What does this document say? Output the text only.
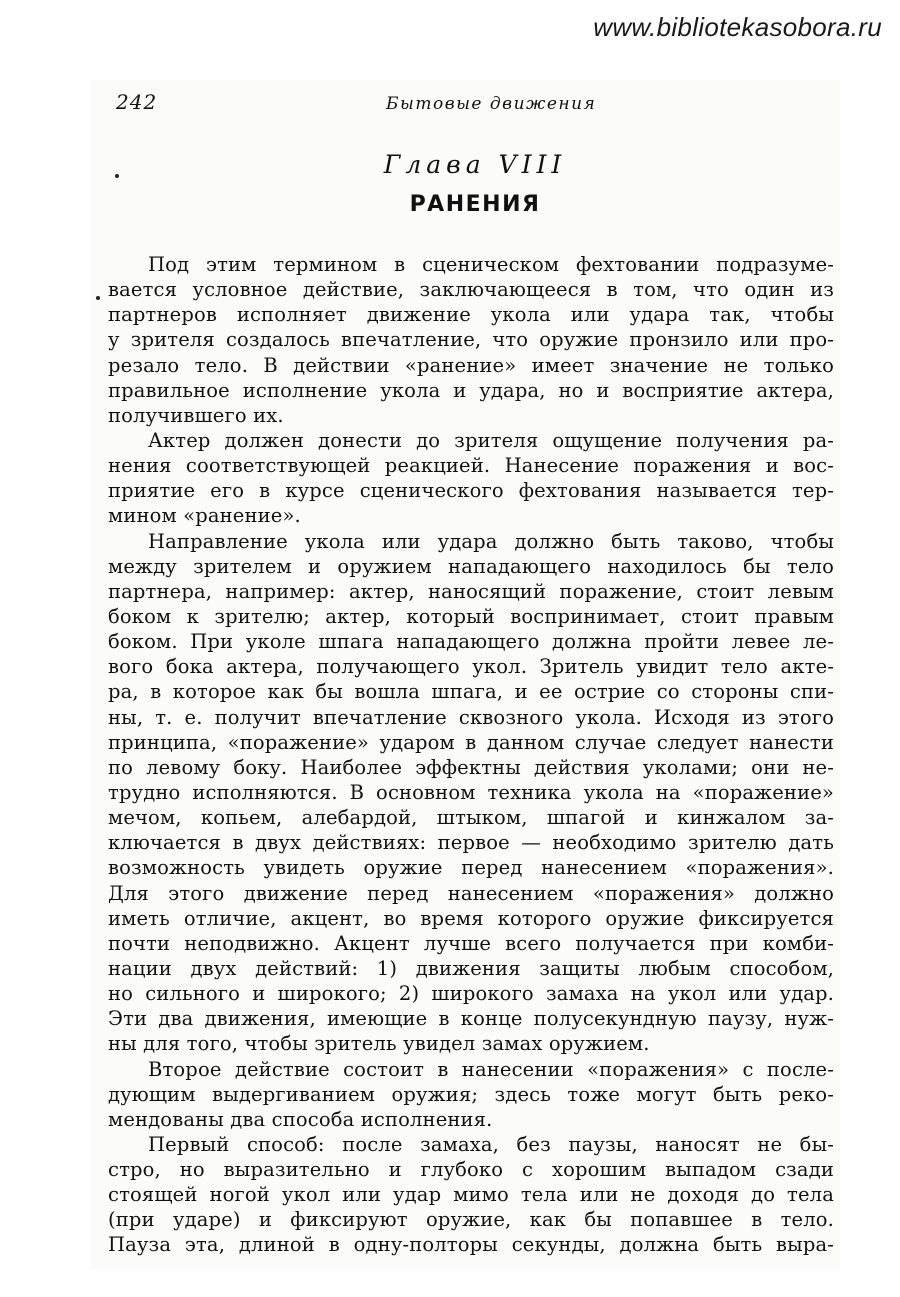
www.bibliotekasobora.ru
242	Бытовые движения
Глава VIII
РАНЕНИЯ
Под этим термином в сценическом фехтовании подразуме-
вается условное действие, заключающееся в том, что один из
партнеров исполняет движение укола или удара так, чтобы
у зрителя создалось впечатление, что оружие пронзило или про-
резало тело. В действии «ранение» имеет значение не только
правильное исполнение укола и удара, но и восприятие актера,
получившего их.
Актер должен донести до зрителя ощущение получения ра-
нения соответствующей реакцией. Нанесение поражения и вос-
приятие его в курсе сценического фехтования называется тер-
мином «ранение».
Направление укола или удара должно быть таково, чтобы
между зрителем и оружием нападающего находилось бы тело
партнера, например: актер, наносящий поражение, стоит левым
боком к зрителю; актер, который воспринимает, стоит правым
боком. При уколе шпага нападающего должна пройти левее ле-
вого бока актера, получающего укол. Зритель увидит тело акте-
ра, в которое как бы вошла шпага, и ее острие со стороны спи-
ны, т. е. получит впечатление сквозного укола. Исходя из этого
принципа, «поражение» ударом в данном случае следует нанести
по левому боку. Наиболее эффектны действия уколами; они не-
трудно исполняются. В основном техника укола на «поражение»
мечом, копьем, алебардой, штыком, шпагой и кинжалом за-
ключается в двух действиях: первое — необходимо зрителю дать
возможность увидеть оружие перед нанесением «поражения».
Для этого движение перед нанесением «поражения» должно
иметь отличие, акцент, во время которого оружие фиксируется
почти неподвижно. Акцент лучше всего получается при комби-
нации двух действий: 1) движения защиты любым способом,
но сильного и широкого; 2) широкого замаха на укол или удар.
Эти два движения, имеющие в конце полусекундную паузу, нуж-
ны для того, чтобы зритель увидел замах оружием.
Второе действие состоит в нанесении «поражения» с после-
дующим выдергиванием оружия; здесь тоже могут быть реко-
мендованы два способа исполнения.
Первый способ: после замаха, без паузы, наносят не бы-
стро, но выразительно и глубоко с хорошим выпадом сзади
стоящей ногой укол или удар мимо тела или не доходя до тела
(при ударе) и фиксируют оружие, как бы попавшее в тело.
Пауза эта, длиной в одну-полторы секунды, должна быть выра-
